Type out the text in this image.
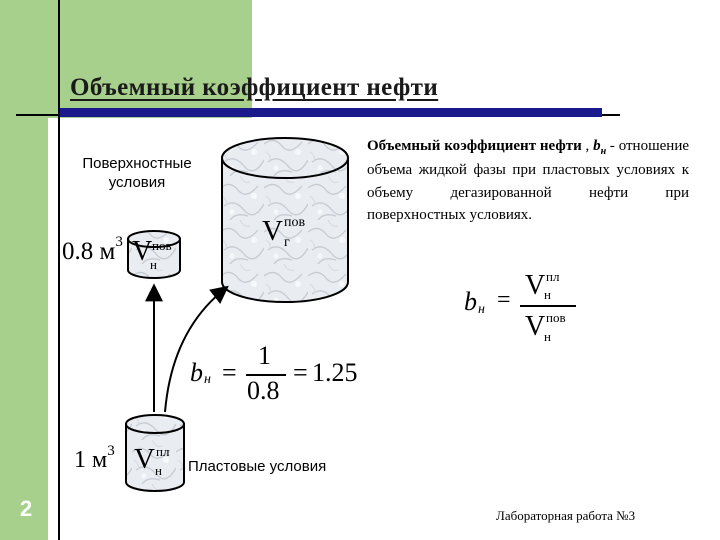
Объемный коэффициент нефти
Поверхностные условия
0.8 $м^3$ V пов
н
V пов
г
1 $м^3$ V пл
н Пластовые условия
b н =
1
0.8
= 1.25
Объемный коэффициент нефти , $b_н$ - отношение объема жидкой фазы при пластовых условиях к объему дегазированной нефти при поверхностных условиях.
b н = V пл
н
V пов
н
2	Лабораторная работа №3
